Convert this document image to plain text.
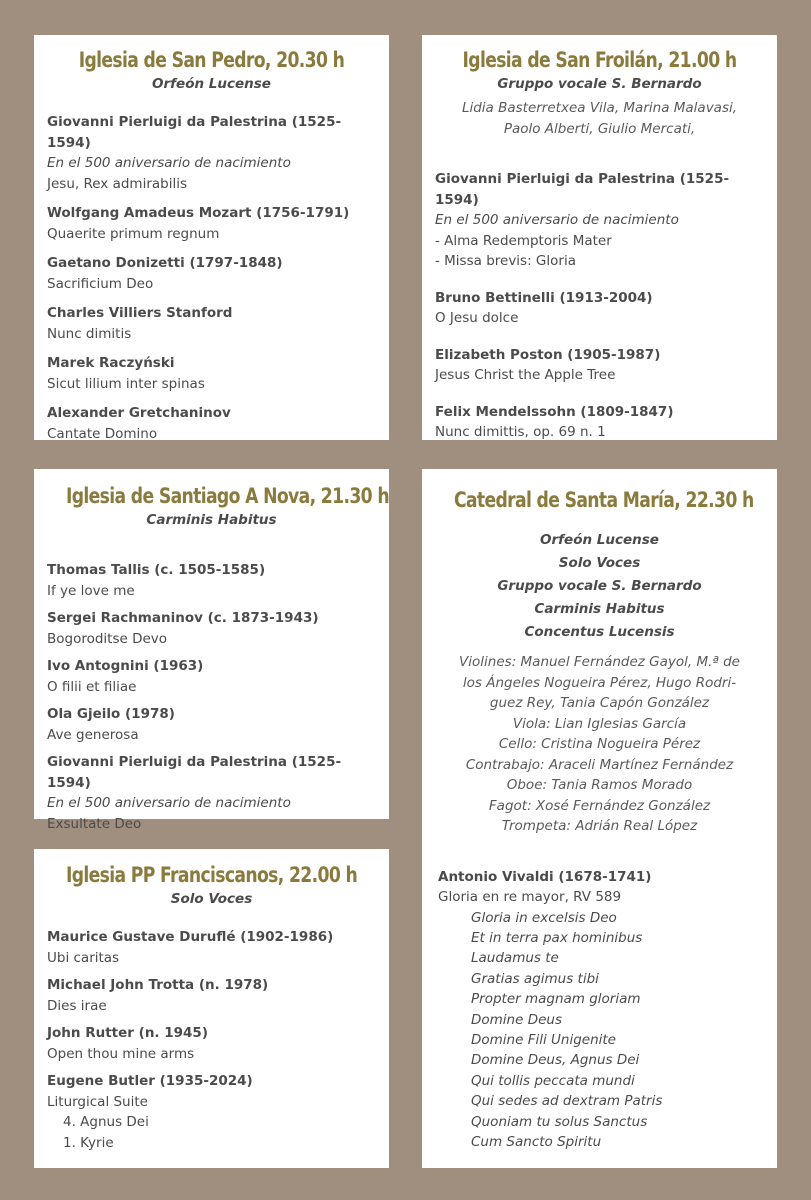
Iglesia de San Pedro, 20.30 h
Orfeón Lucense
Giovanni Pierluigi da Palestrina (1525-1594)
En el 500 aniversario de nacimiento
Jesu, Rex admirabilis
Wolfgang Amadeus Mozart (1756-1791)
Quaerite primum regnum
Gaetano Donizetti (1797-1848)
Sacrificium Deo
Charles Villiers Stanford
Nunc dimitis
Marek Raczyński
Sicut lilium inter spinas
Alexander Gretchaninov
Cantate Domino
Iglesia de San Froilán, 21.00 h
Gruppo vocale S. Bernardo
Lidia Basterretxea Vila, Marina Malavasi,
Paolo Alberti, Giulio Mercati,
Giovanni Pierluigi da Palestrina (1525-1594)
En el 500 aniversario de nacimiento
- Alma Redemptoris Mater
- Missa brevis: Gloria
Bruno Bettinelli (1913-2004)
O Jesu dolce
Elizabeth Poston (1905-1987)
Jesus Christ the Apple Tree
Felix Mendelssohn (1809-1847)
Nunc dimittis, op. 69 n. 1
Iglesia de Santiago A Nova, 21.30 h
Carminis Habitus
Thomas Tallis (c. 1505-1585)
If ye love me
Sergei Rachmaninov (c. 1873-1943)
Bogoroditse Devo
Ivo Antognini (1963)
O filii et filiae
Ola Gjeilo (1978)
Ave generosa
Giovanni Pierluigi da Palestrina (1525-1594)
En el 500 aniversario de nacimiento
Exsultate Deo
Catedral de Santa María, 22.30 h
Orfeón Lucense
Solo Voces
Gruppo vocale S. Bernardo
Carminis Habitus
Concentus Lucensis
Violines: Manuel Fernández Gayol, M.ª de
los Ángeles Nogueira Pérez, Hugo Rodri-
guez Rey, Tania Capón González
Viola: Lian Iglesias García
Cello: Cristina Nogueira Pérez
Contrabajo: Araceli Martínez Fernández
Oboe: Tania Ramos Morado
Fagot: Xosé Fernández González
Trompeta: Adrián Real López
Antonio Vivaldi (1678-1741)
Gloria en re mayor, RV 589
Gloria in excelsis Deo
Et in terra pax hominibus
Laudamus te
Gratias agimus tibi
Propter magnam gloriam
Domine Deus
Domine Fili Unigenite
Domine Deus, Agnus Dei
Qui tollis peccata mundi
Qui sedes ad dextram Patris
Quoniam tu solus Sanctus
Cum Sancto Spiritu
Iglesia PP Franciscanos, 22.00 h
Solo Voces
Maurice Gustave Duruflé (1902-1986)
Ubi caritas
Michael John Trotta (n. 1978)
Dies irae
John Rutter (n. 1945)
Open thou mine arms
Eugene Butler (1935-2024)
Liturgical Suite
4. Agnus Dei
1. Kyrie
